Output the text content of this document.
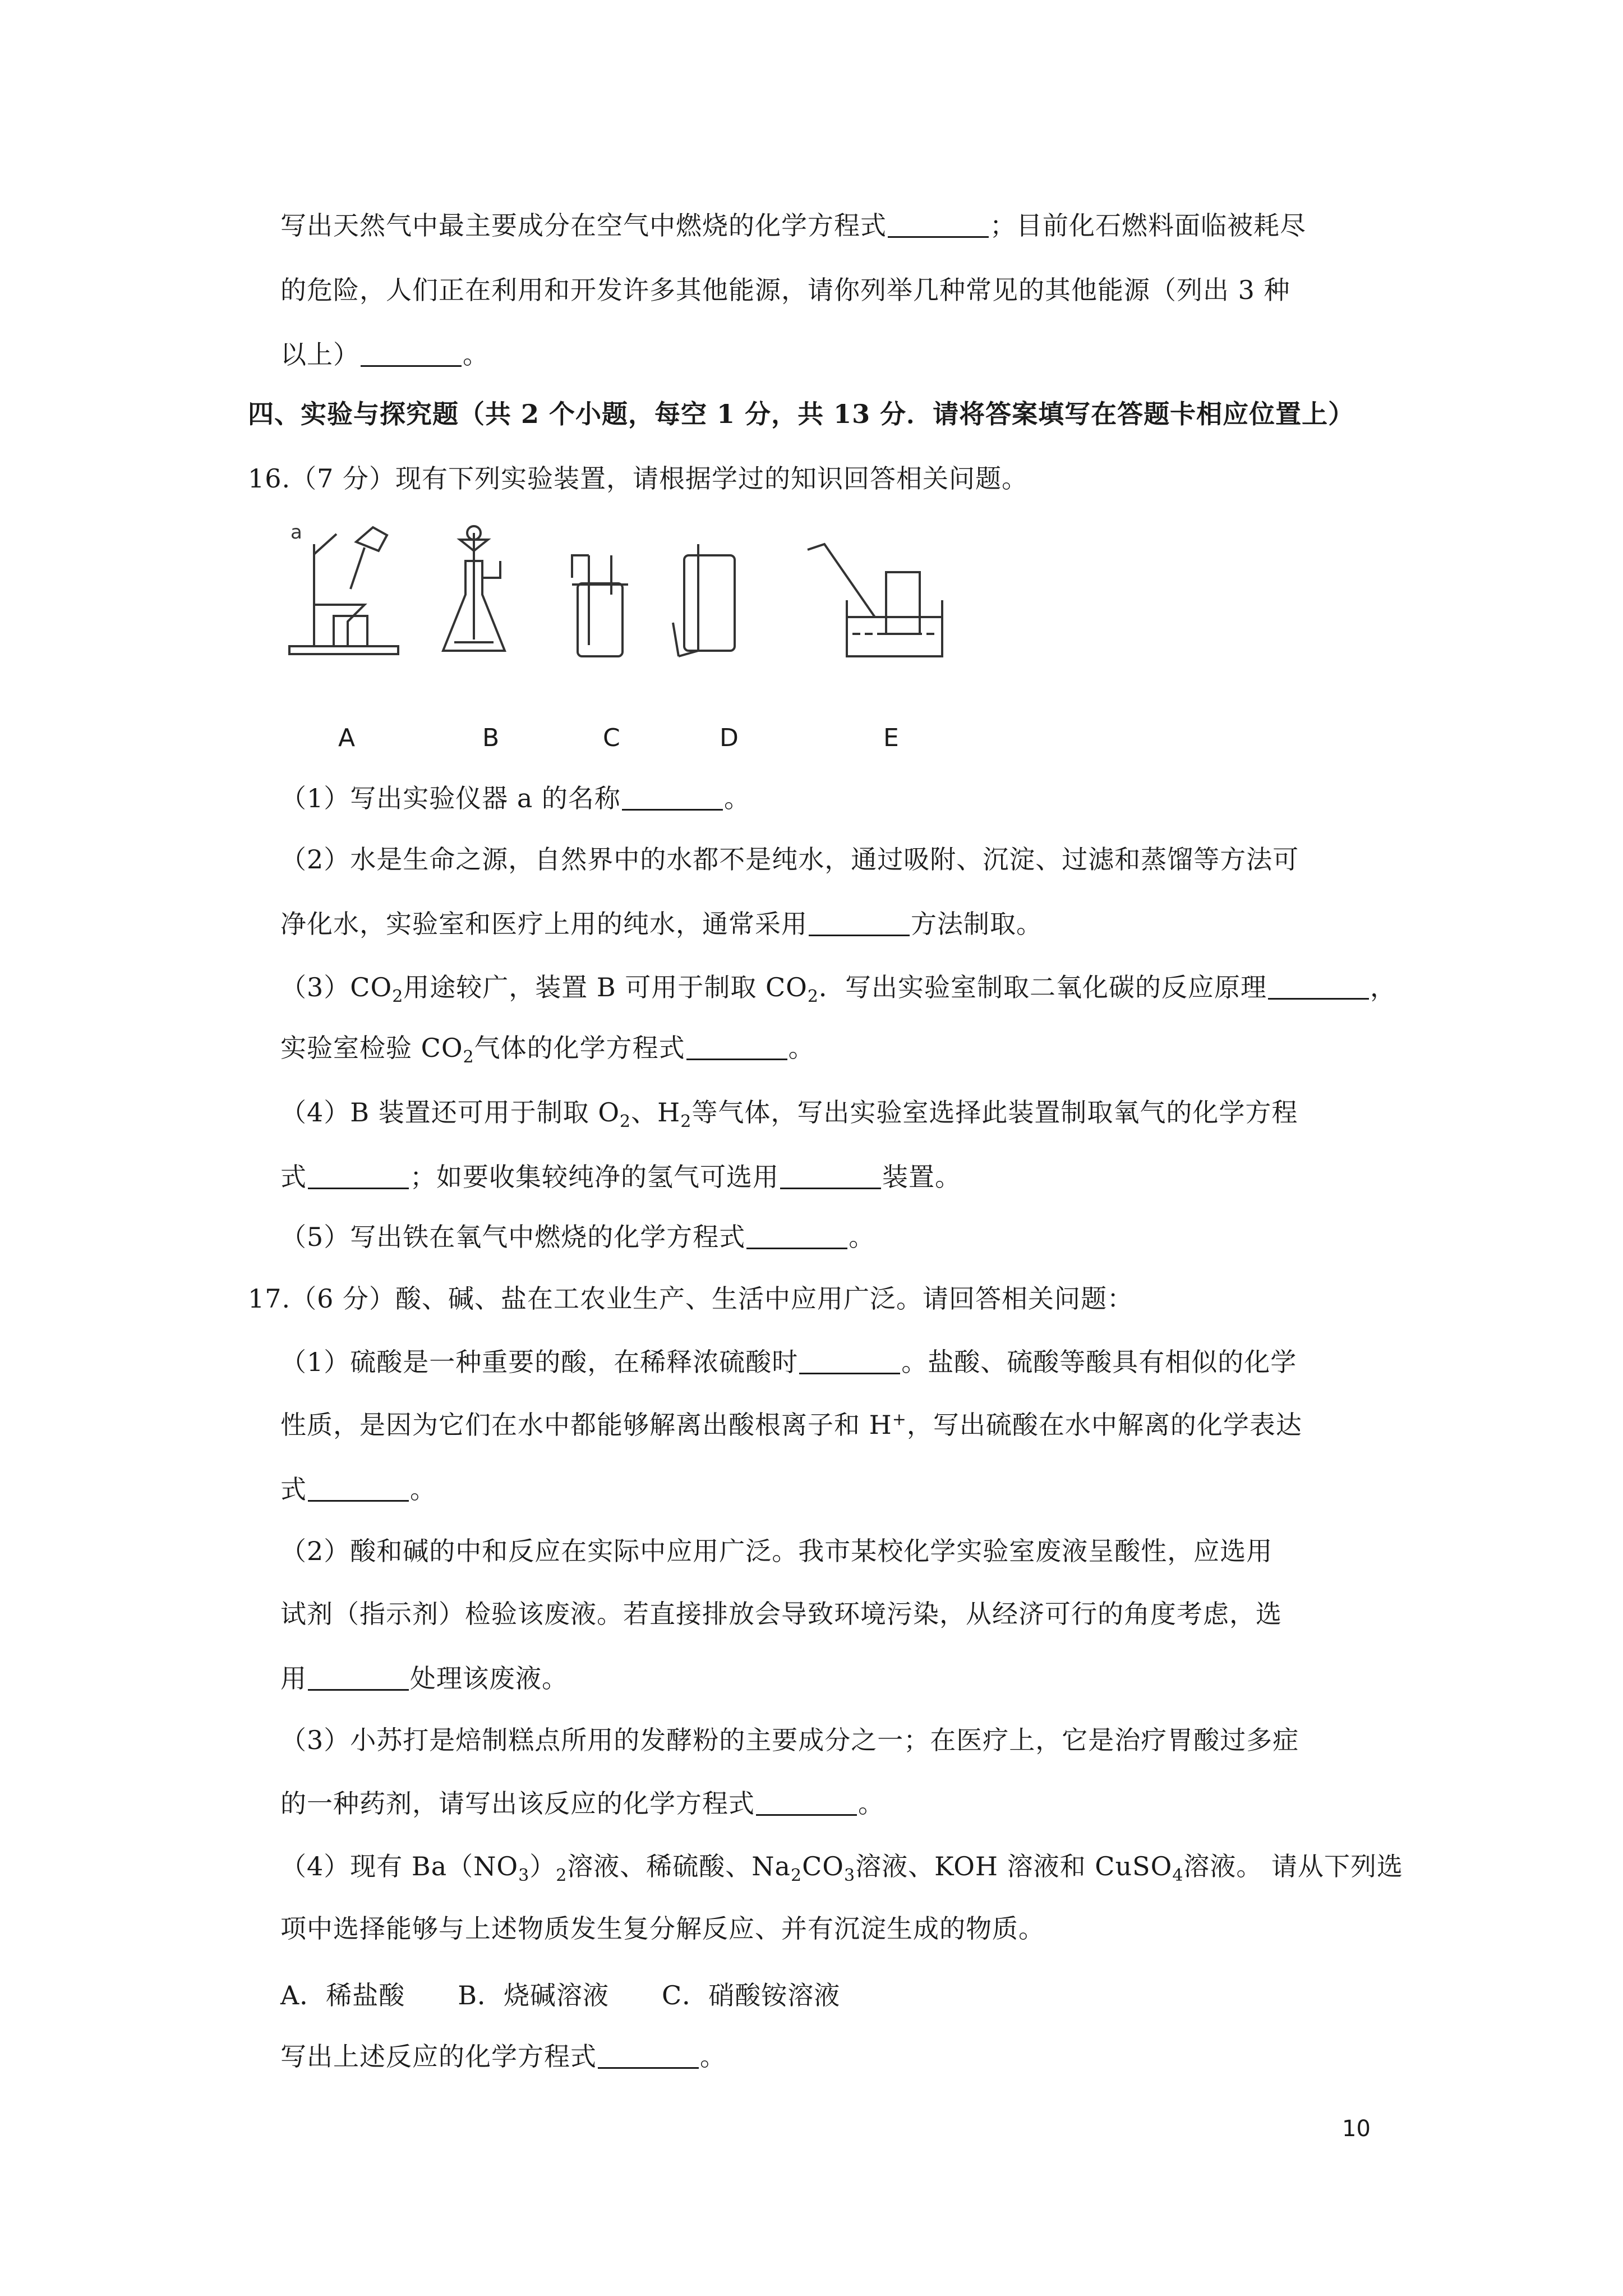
写出天然气中最主要成分在空气中燃烧的化学方程式	；目前化石燃料面临被耗尽
的危险，人们正在利用和开发许多其他能源，请你列举几种常见的其他能源（列出 3 种
以上）	。
四、实验与探究题（共 2 个小题，每空 1 分，共 13 分．请将答案填写在答题卡相应位置上）
16.（7 分）现有下列实验装置，请根据学过的知识回答相关问题。
a
A	B	C	D	E
（1）写出实验仪器 a 的名称	。
（2）水是生命之源，自然界中的水都不是纯水，通过吸附、沉淀、过滤和蒸馏等方法可
净化水，实验室和医疗上用的纯水，通常采用	方法制取。
$(3)CO_2$用途较广，装置 B 可用于制取 $CO_2$．写出实验室制取二氧化碳的反应原理	，
实验室检验 $CO_2$气体的化学方程式	。
（4）B 装置还可用于制取 $O_2$、$H_2$等气体，写出实验室选择此装置制取氧气的化学方程
式	；如要收集较纯净的氢气可选用	装置。
（5）写出铁在氧气中燃烧的化学方程式	。
17.（6 分）酸、碱、盐在工农业生产、生活中应用广泛。请回答相关问题：
（1）硫酸是一种重要的酸，在稀释浓硫酸时	。盐酸、硫酸等酸具有相似的化学
性质，是因为它们在水中都能够解离出酸根离子和 H+，写出硫酸在水中解离的化学表达
式	。
（2）酸和碱的中和反应在实际中应用广泛。我市某校化学实验室废液呈酸性，应选用
试剂（指示剂）检验该废液。若直接排放会导致环境污染，从经济可行的角度考虑，选
用	处理该废液。
（3）小苏打是焙制糕点所用的发酵粉的主要成分之一；在医疗上，它是治疗胃酸过多症
的一种药剂，请写出该反应的化学方程式	。
（4）现有 $Ba(NO_3)_2$溶液、稀硫酸、$Na_2CO_3$溶液、KOH 溶液和 CuSO$_4$溶液。 请从下列选
项中选择能够与上述物质发生复分解反应、并有沉淀生成的物质。
A．稀盐酸　　B．烧碱溶液　　C．硝酸铵溶液
写出上述反应的化学方程式	。
10
